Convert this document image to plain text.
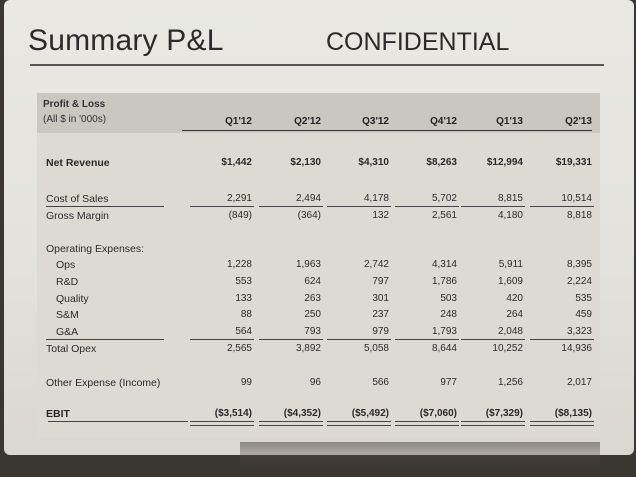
Summary P&L	CONFIDENTIAL
Profit & Loss
(All $ in '000s)	Q1'12	Q2'12	Q3'12	Q4'12	Q1'13	Q2'13
Net Revenue	$1,442	$2,130	$4,310	$8,263	$12,994	$19,331
Cost of Sales	2,291	2,494	4,178	5,702	8,815	10,514
Gross Margin	(849)	(364)	132	2,561	4,180	8,818
Operating Expenses:
Ops	1,228	1,963	2,742	4,314	5,911	8,395
R&D	553	624	797	1,786	1,609	2,224
Quality	133	263	301	503	420	535
S&M	88	250	237	248	264	459
G&A	564	793	979	1,793	2,048	3,323
Total Opex	2,565	3,892	5,058	8,644	10,252	14,936
Other Expense (Income)	99	96	566	977	1,256	2,017
EBIT	($3,514)	($4,352)	($5,492)	($7,060)	($7,329)	($8,135)
